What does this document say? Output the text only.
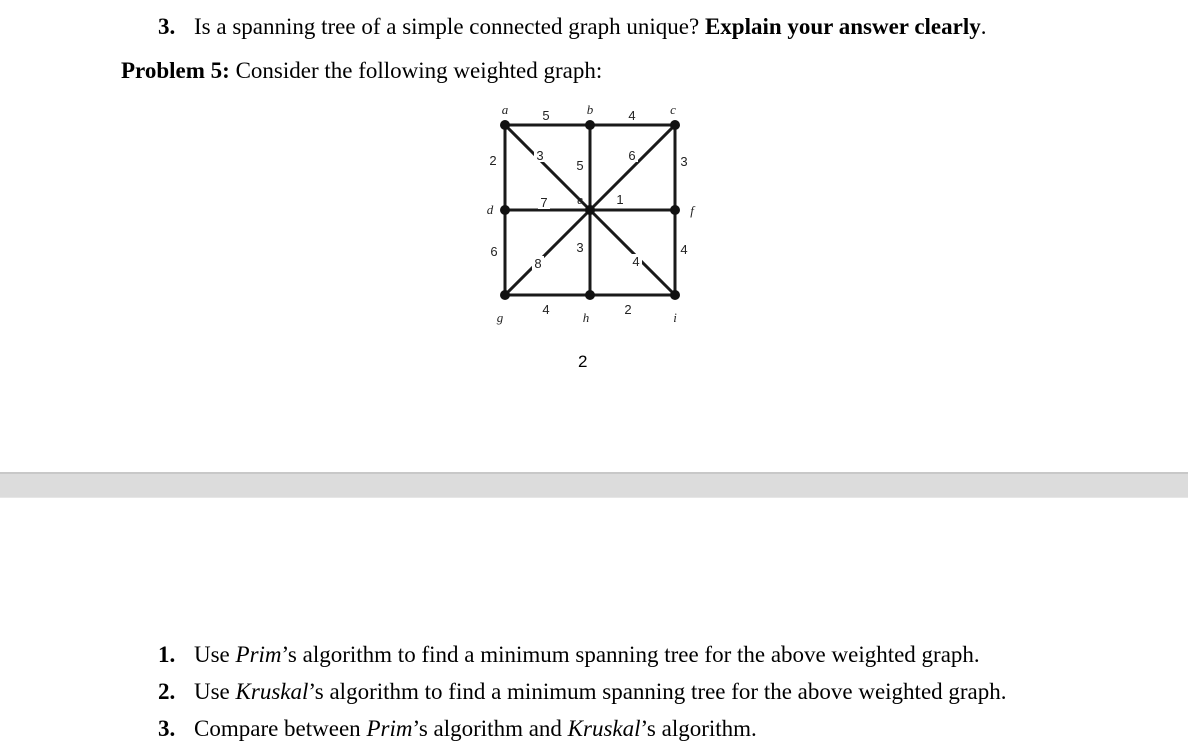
3. Is a spanning tree of a simple connected graph unique? Explain your answer clearly.
Problem 5: Consider the following weighted graph:
5	4
2	3
3
5
6
7	1
6	4
8
3
4
4	2
a	b	c
d
e
f
g	h	i
2
1. Use Prim’s algorithm to find a minimum spanning tree for the above weighted graph.
2. Use Kruskal’s algorithm to find a minimum spanning tree for the above weighted graph.
3. Compare between Prim’s algorithm and Kruskal’s algorithm.
